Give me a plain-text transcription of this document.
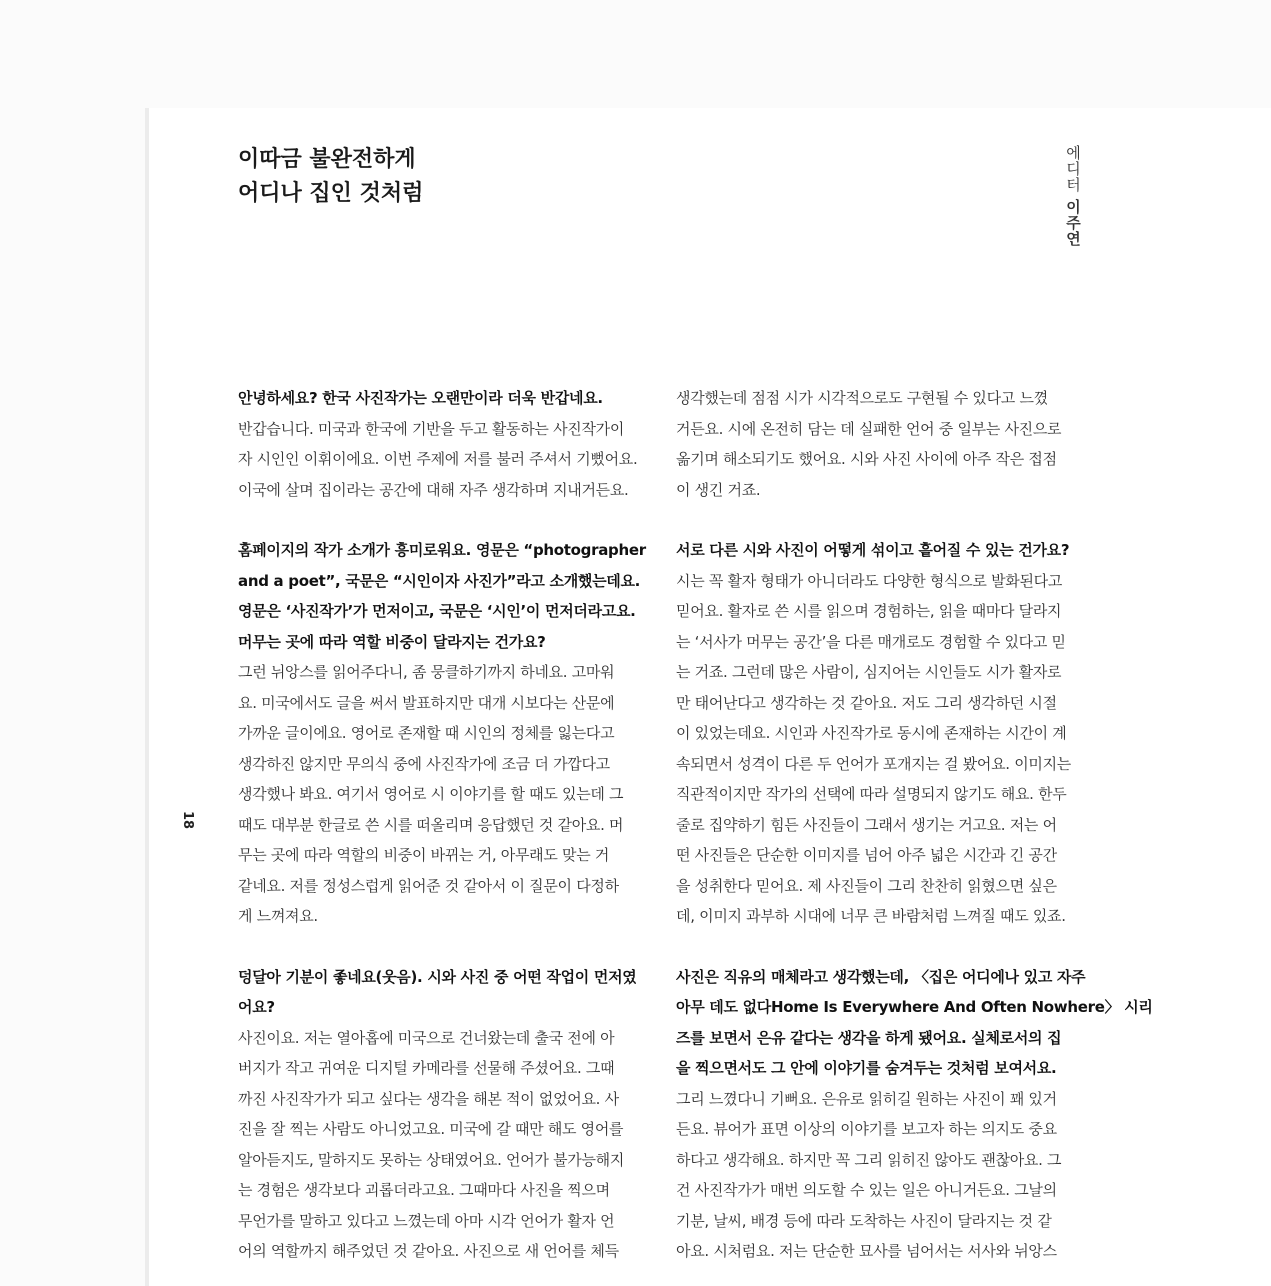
이따금 불완전하게
어디나 집인 것처럼
에디터 이주연
18
안녕하세요? 한국 사진작가는 오랜만이라 더욱 반갑네요.
반갑습니다. 미국과 한국에 기반을 두고 활동하는 사진작가이
자 시인인 이휘이에요. 이번 주제에 저를 불러 주셔서 기뻤어요.
이국에 살며 집이라는 공간에 대해 자주 생각하며 지내거든요.
홈페이지의 작가 소개가 흥미로워요. 영문은 “photographer
and a poet”, 국문은 “시인이자 사진가”라고 소개했는데요.
영문은 ‘사진작가’가 먼저이고, 국문은 ‘시인’이 먼저더라고요.
머무는 곳에 따라 역할 비중이 달라지는 건가요?
그런 뉘앙스를 읽어주다니, 좀 뭉클하기까지 하네요. 고마워
요. 미국에서도 글을 써서 발표하지만 대개 시보다는 산문에
가까운 글이에요. 영어로 존재할 때 시인의 정체를 잃는다고
생각하진 않지만 무의식 중에 사진작가에 조금 더 가깝다고
생각했나 봐요. 여기서 영어로 시 이야기를 할 때도 있는데 그
때도 대부분 한글로 쓴 시를 떠올리며 응답했던 것 같아요. 머
무는 곳에 따라 역할의 비중이 바뀌는 거, 아무래도 맞는 거
같네요. 저를 정성스럽게 읽어준 것 같아서 이 질문이 다정하
게 느껴져요.
덩달아 기분이 좋네요(웃음). 시와 사진 중 어떤 작업이 먼저였
어요?
사진이요. 저는 열아홉에 미국으로 건너왔는데 출국 전에 아
버지가 작고 귀여운 디지털 카메라를 선물해 주셨어요. 그때
까진 사진작가가 되고 싶다는 생각을 해본 적이 없었어요. 사
진을 잘 찍는 사람도 아니었고요. 미국에 갈 때만 해도 영어를
알아듣지도, 말하지도 못하는 상태였어요. 언어가 불가능해지
는 경험은 생각보다 괴롭더라고요. 그때마다 사진을 찍으며
무언가를 말하고 있다고 느꼈는데 아마 시각 언어가 활자 언
어의 역할까지 해주었던 것 같아요. 사진으로 새 언어를 체득
생각했는데 점점 시가 시각적으로도 구현될 수 있다고 느꼈
거든요. 시에 온전히 담는 데 실패한 언어 중 일부는 사진으로
옮기며 해소되기도 했어요. 시와 사진 사이에 아주 작은 접점
이 생긴 거죠.
서로 다른 시와 사진이 어떻게 섞이고 흩어질 수 있는 건가요?
시는 꼭 활자 형태가 아니더라도 다양한 형식으로 발화된다고
믿어요. 활자로 쓴 시를 읽으며 경험하는, 읽을 때마다 달라지
는 ‘서사가 머무는 공간’을 다른 매개로도 경험할 수 있다고 믿
는 거죠. 그런데 많은 사람이, 심지어는 시인들도 시가 활자로
만 태어난다고 생각하는 것 같아요. 저도 그리 생각하던 시절
이 있었는데요. 시인과 사진작가로 동시에 존재하는 시간이 계
속되면서 성격이 다른 두 언어가 포개지는 걸 봤어요. 이미지는
직관적이지만 작가의 선택에 따라 설명되지 않기도 해요. 한두
줄로 집약하기 힘든 사진들이 그래서 생기는 거고요. 저는 어
떤 사진들은 단순한 이미지를 넘어 아주 넓은 시간과 긴 공간
을 성취한다 믿어요. 제 사진들이 그리 찬찬히 읽혔으면 싶은
데, 이미지 과부하 시대에 너무 큰 바람처럼 느껴질 때도 있죠.
사진은 직유의 매체라고 생각했는데, 〈집은 어디에나 있고 자주
아무 데도 없다Home Is Everywhere And Often Nowhere〉 시리
즈를 보면서 은유 같다는 생각을 하게 됐어요. 실체로서의 집
을 찍으면서도 그 안에 이야기를 숨겨두는 것처럼 보여서요.
그리 느꼈다니 기뻐요. 은유로 읽히길 원하는 사진이 꽤 있거
든요. 뷰어가 표면 이상의 이야기를 보고자 하는 의지도 중요
하다고 생각해요. 하지만 꼭 그리 읽히진 않아도 괜찮아요. 그
건 사진작가가 매번 의도할 수 있는 일은 아니거든요. 그날의
기분, 날씨, 배경 등에 따라 도착하는 사진이 달라지는 것 같
아요. 시처럼요. 저는 단순한 묘사를 넘어서는 서사와 뉘앙스
